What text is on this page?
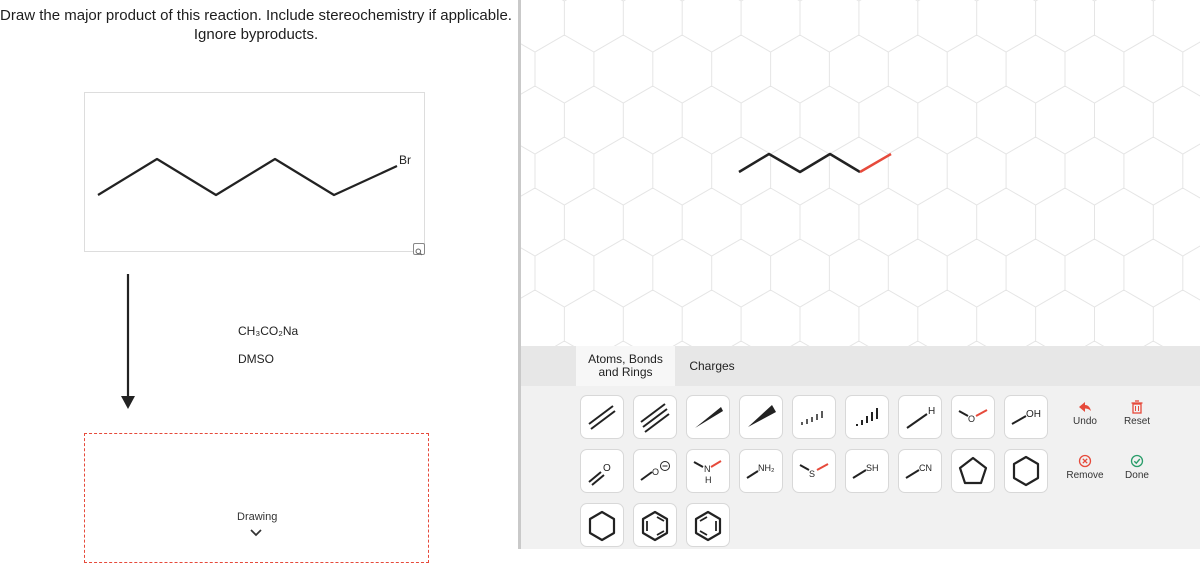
Draw the major product of this reaction. Include stereochemistry if applicable.
Ignore byproducts.
Br
CH₃CO₂Na
DMSO
Drawing
Atoms, Bonds
and Rings	Charges
H
O	OH
Undo	Reset
O	O	N
H
NH₂
S
SH	CN
Remove	Done
